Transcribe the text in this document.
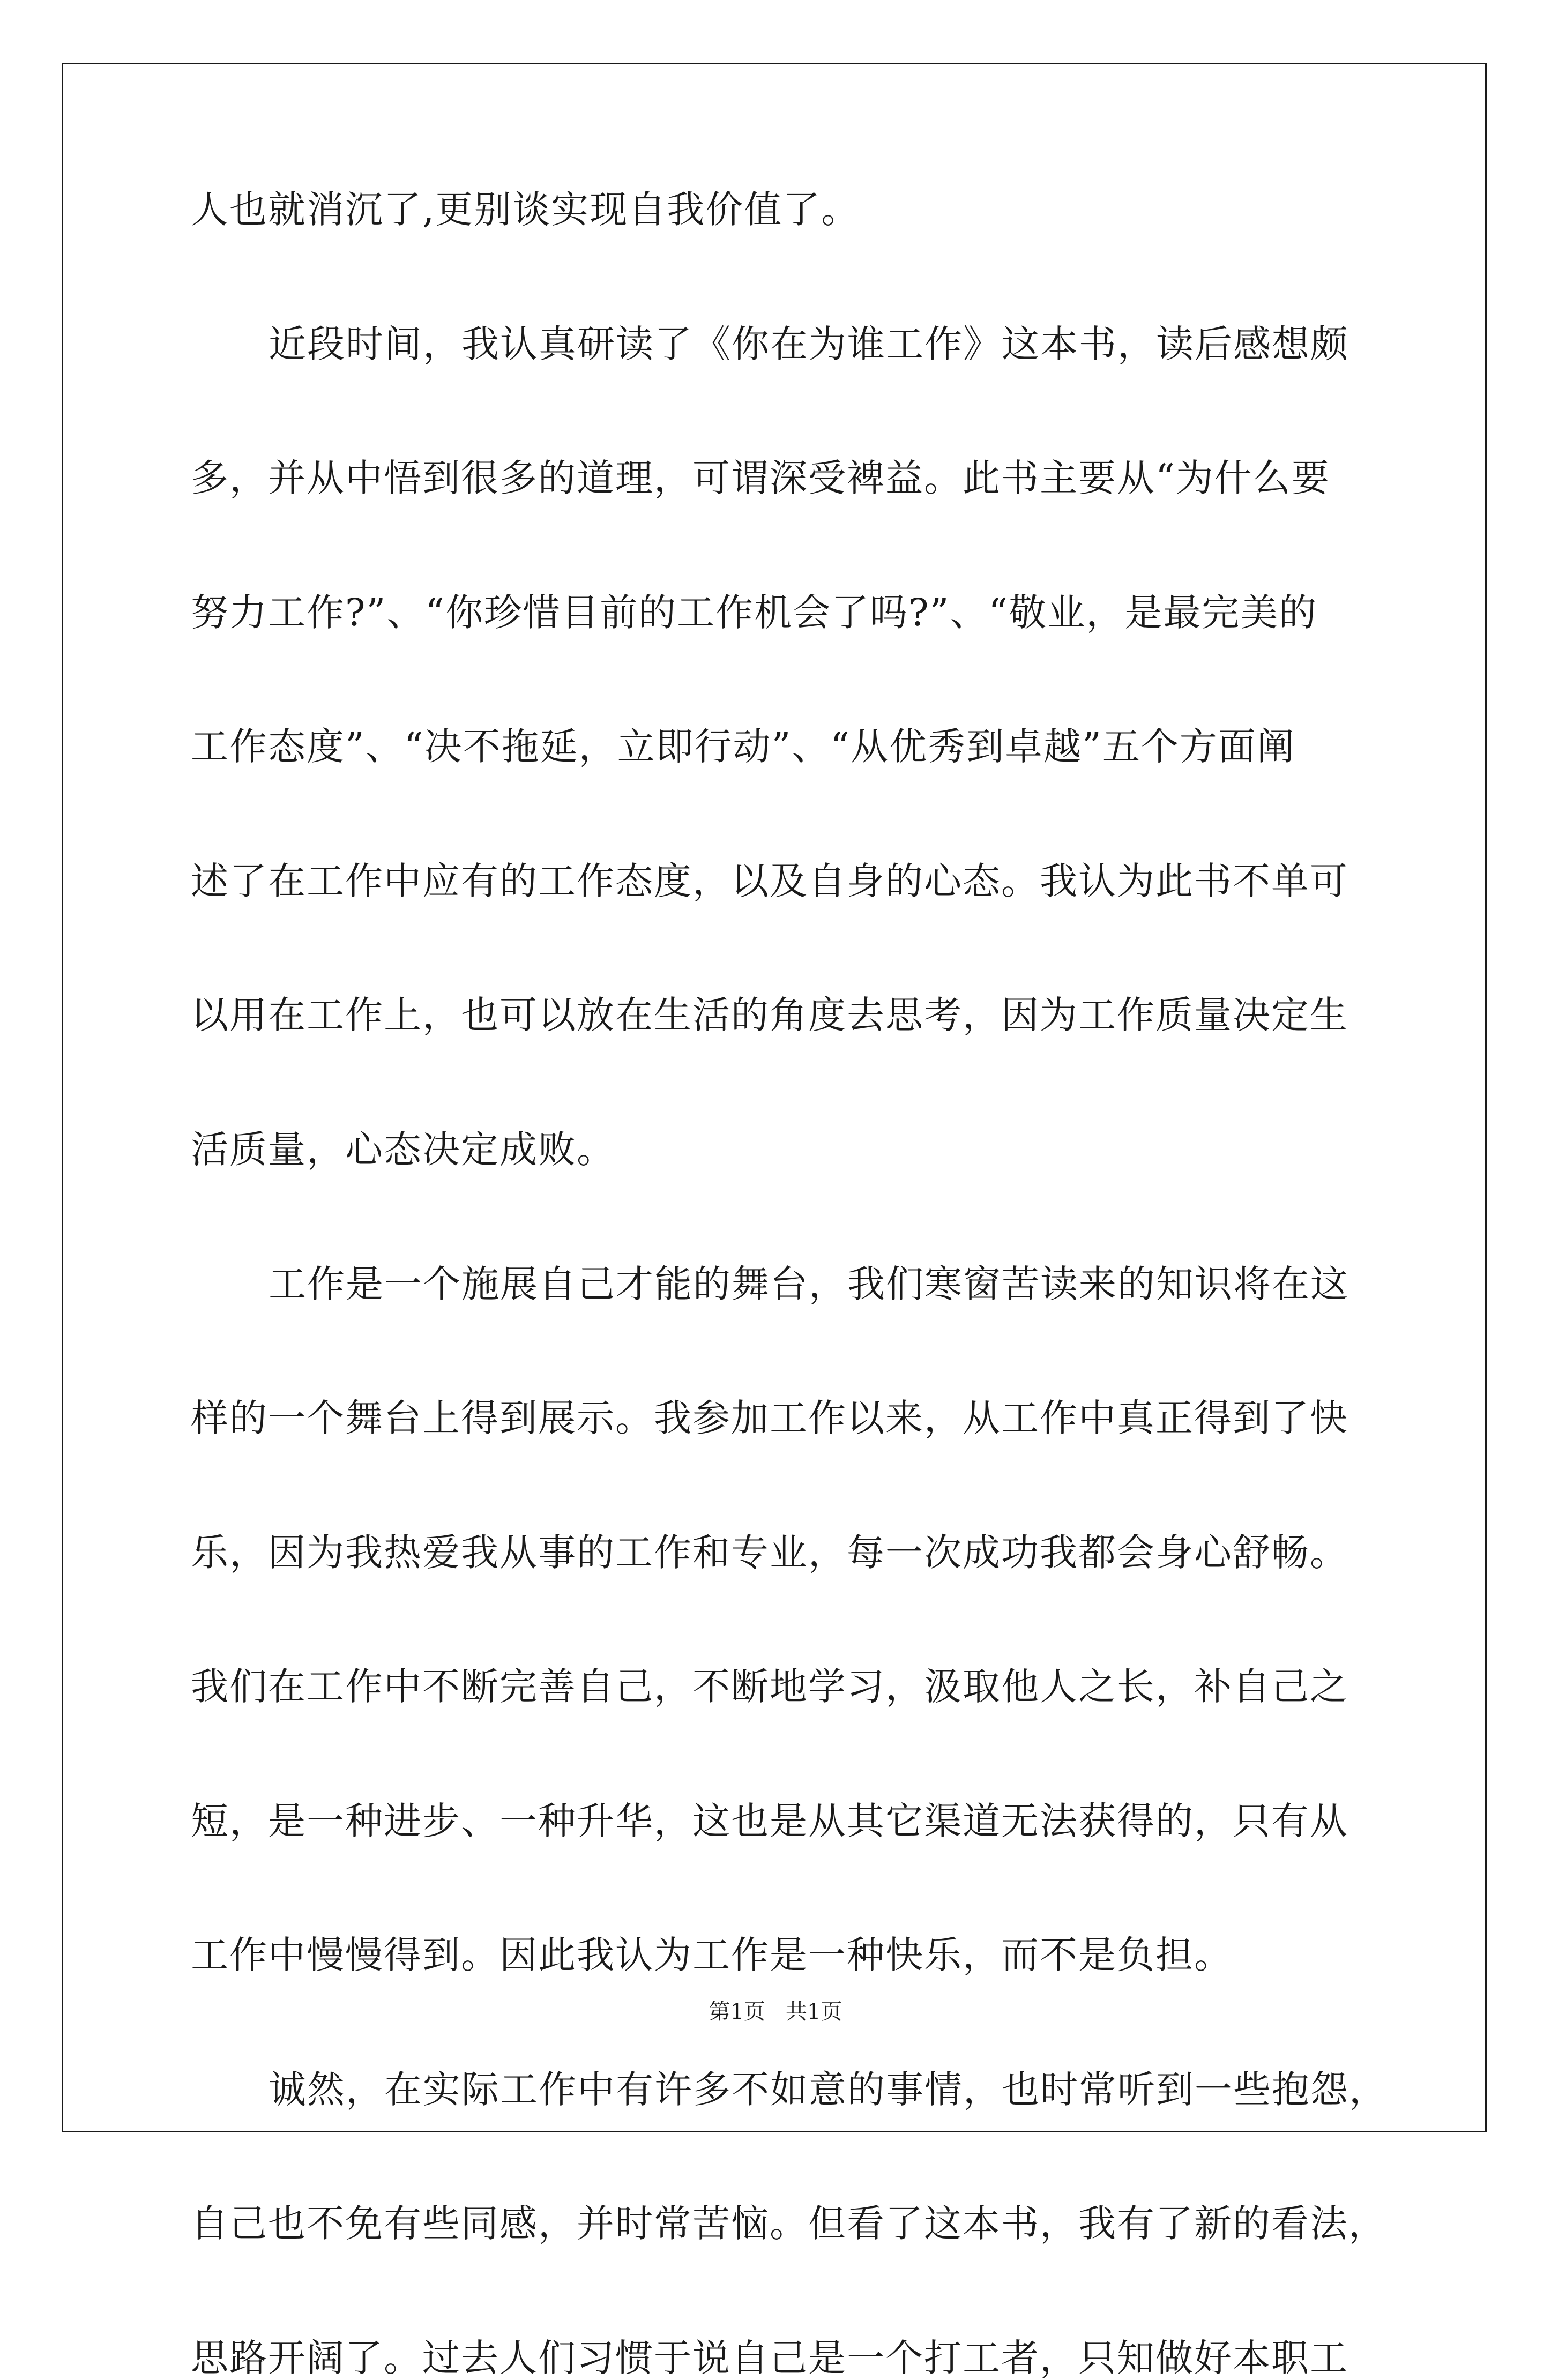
人也就消沉了,更别谈实现自我价值了。
近段时间，我认真研读了《你在为谁工作》这本书，读后感想颇
多，并从中悟到很多的道理，可谓深受裨益。此书主要从“为什么要
努力工作?”、“你珍惜目前的工作机会了吗?”、“敬业，是最完美的
工作态度”、“决不拖延，立即行动”、“从优秀到卓越”五个方面阐
述了在工作中应有的工作态度，以及自身的心态。我认为此书不单可
以用在工作上，也可以放在生活的角度去思考，因为工作质量决定生
活质量，心态决定成败。
工作是一个施展自己才能的舞台，我们寒窗苦读来的知识将在这
样的一个舞台上得到展示。我参加工作以来，从工作中真正得到了快
乐，因为我热爱我从事的工作和专业，每一次成功我都会身心舒畅。
我们在工作中不断完善自己，不断地学习，汲取他人之长，补自己之
短，是一种进步、一种升华，这也是从其它渠道无法获得的，只有从
工作中慢慢得到。因此我认为工作是一种快乐，而不是负担。
诚然，在实际工作中有许多不如意的事情，也时常听到一些抱怨，
自己也不免有些同感，并时常苦恼。但看了这本书，我有了新的看法，
思路开阔了。过去人们习惯于说自己是一个打工者，只知做好本职工
第1页   共1页
